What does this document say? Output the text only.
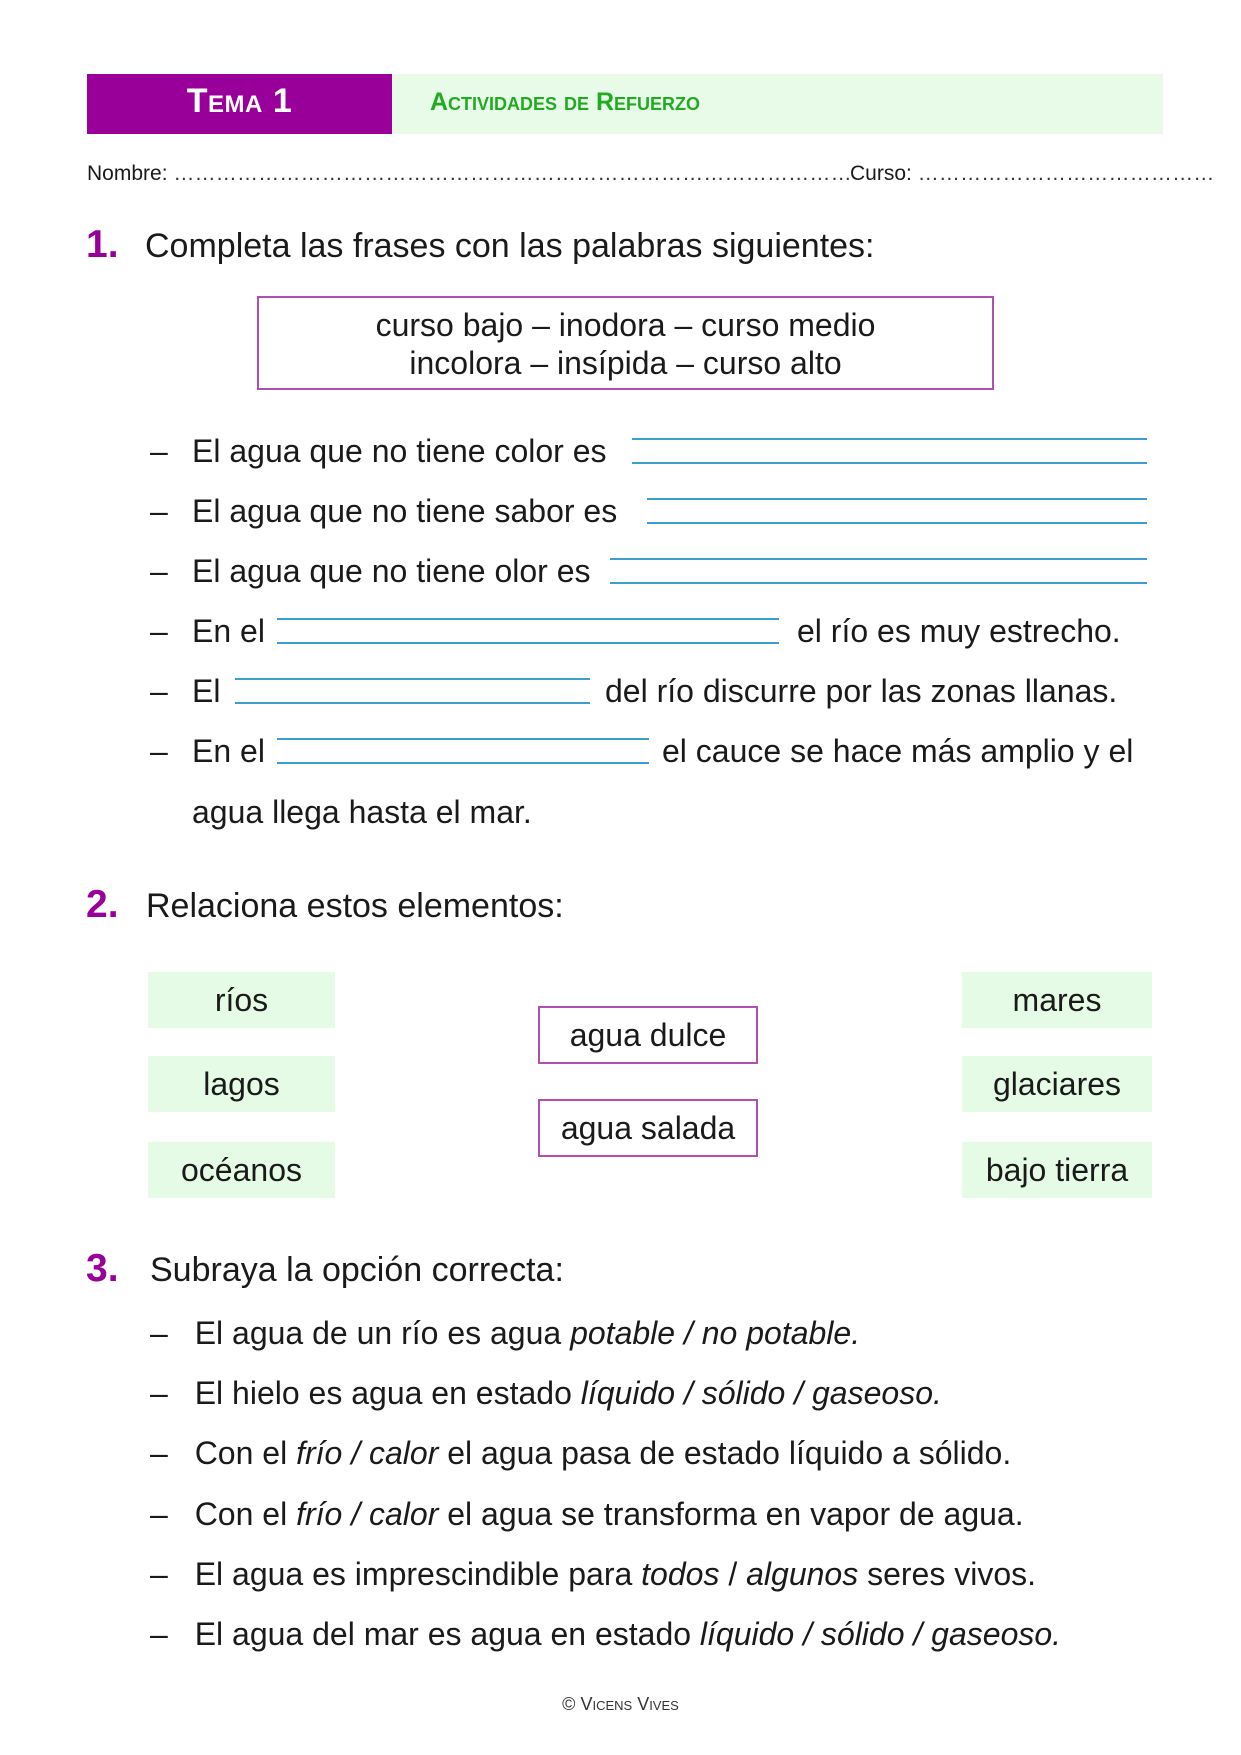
Tema 1	Actividades de Refuerzo
Nombre: ……………………………………………………………………………………
Curso: ……………………………………
1. Completa las frases con las palabras siguientes:
curso bajo – inodora – curso medio
incolora – insípida – curso alto
– El agua que no tiene color es
– El agua que no tiene sabor es
– El agua que no tiene olor es
– En el	el río es muy estrecho.
– El	del río discurre por las zonas llanas.
– En el	el cauce se hace más amplio y el
agua llega hasta el mar.
2. Relaciona estos elementos:
ríos
lagos
océanos
agua dulce
agua salada
mares
glaciares
bajo tierra
3. Subraya la opción correcta:
– El agua de un río es agua potable / no potable.
– El hielo es agua en estado líquido / sólido / gaseoso.
– Con el frío / calor el agua pasa de estado líquido a sólido.
– Con el frío / calor el agua se transforma en vapor de agua.
– El agua es imprescindible para todos / algunos seres vivos.
– El agua del mar es agua en estado líquido / sólido / gaseoso.
© Vicens Vives
